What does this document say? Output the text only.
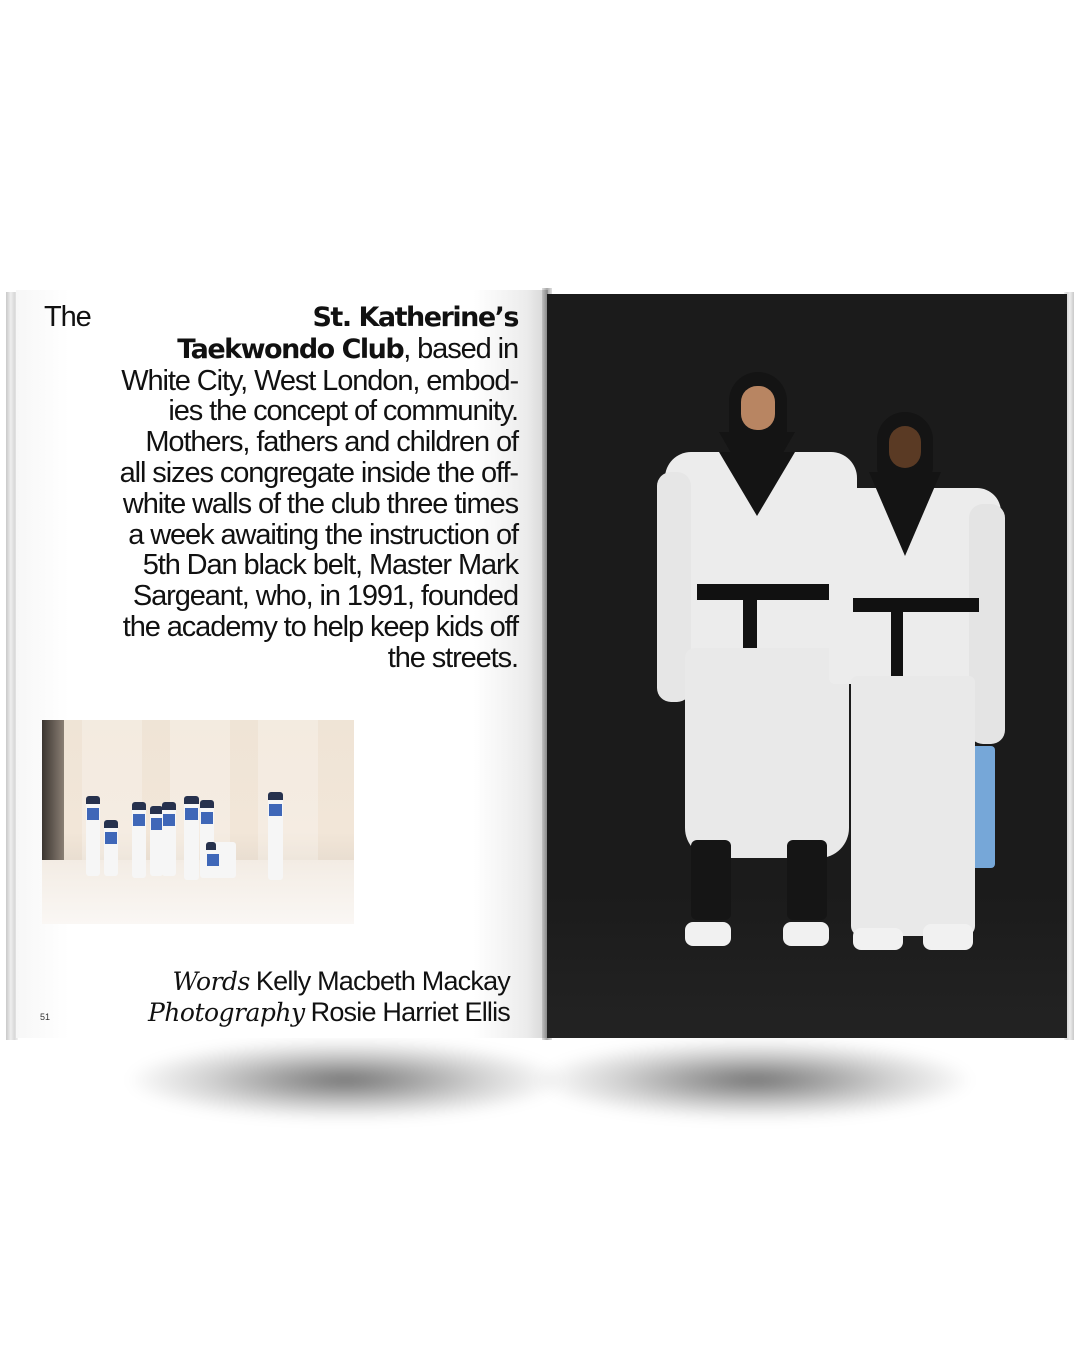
The	St. Katherine’s
Taekwondo Club, based in
White City, West London, embod-
ies the concept of community.
Mothers, fathers and children of
all sizes congregate inside the off-
white walls of the club three times
a week awaiting the instruction of
5th Dan black belt, Master Mark
Sargeant, who, in 1991, founded
the academy to help keep kids off
the streets.

Words Kelly Macbeth Mackay
Photography Rosie Harriet Ellis
51
